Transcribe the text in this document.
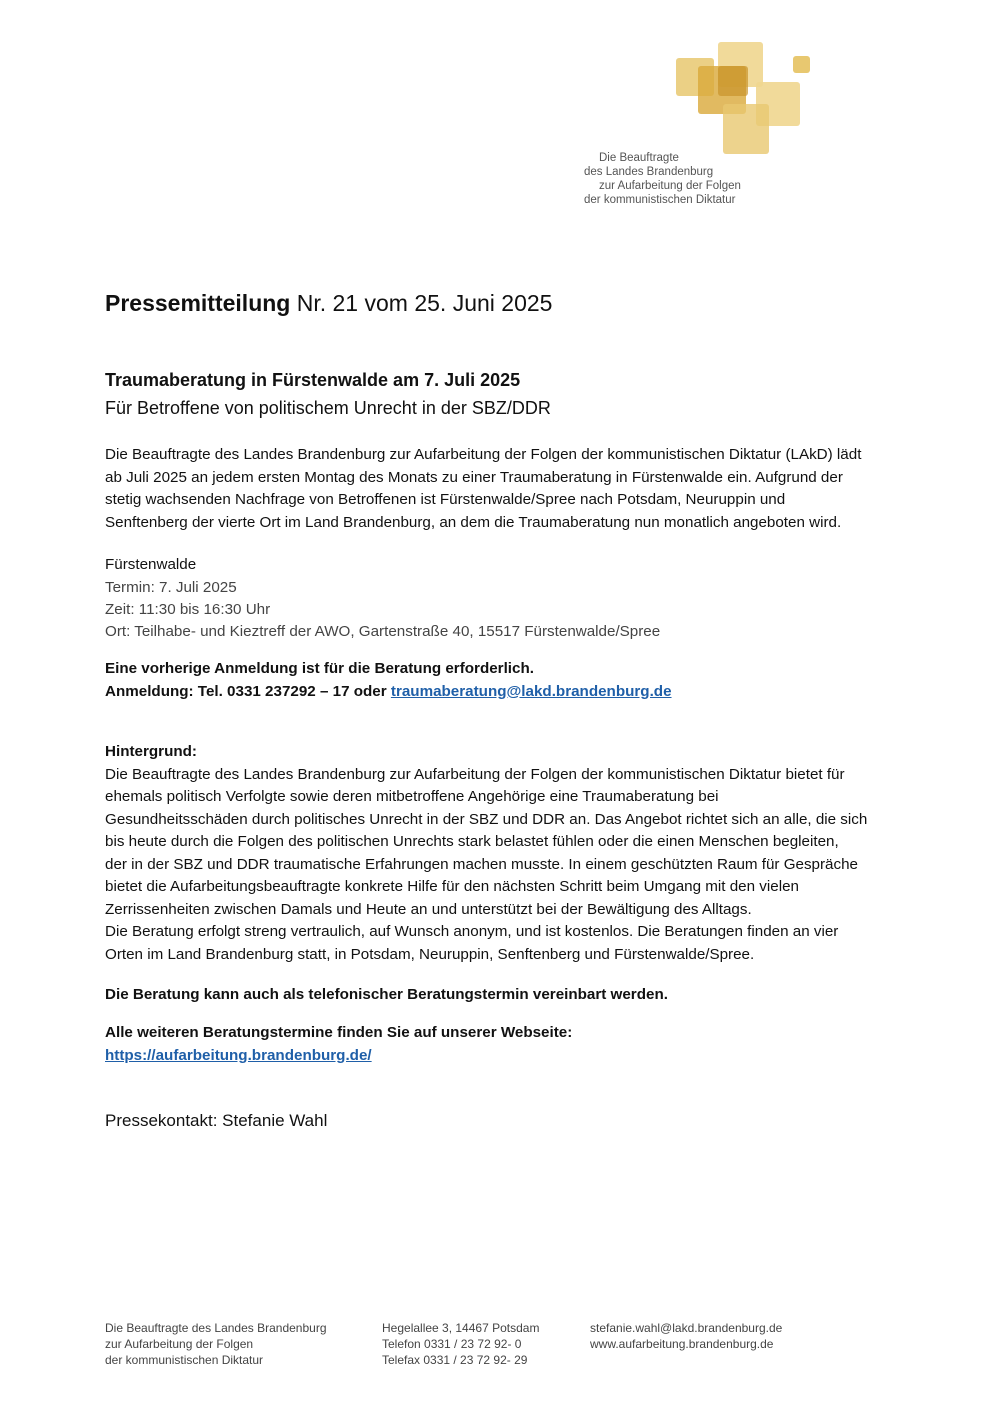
Die Beauftragte
des Landes Brandenburg
zur Aufarbeitung der Folgen
der kommunistischen Diktatur
Pressemitteilung Nr. 21 vom 25. Juni 2025
Traumaberatung in Fürstenwalde am 7. Juli 2025
Für Betroffene von politischem Unrecht in der SBZ/DDR
Die Beauftragte des Landes Brandenburg zur Aufarbeitung der Folgen der kommunistischen Diktatur (LAkD) lädt
ab Juli 2025 an jedem ersten Montag des Monats zu einer Traumaberatung in Fürstenwalde ein. Aufgrund der
stetig wachsenden Nachfrage von Betroffenen ist Fürstenwalde/Spree nach Potsdam, Neuruppin und
Senftenberg der vierte Ort im Land Brandenburg, an dem die Traumaberatung nun monatlich angeboten wird.
Fürstenwalde
Termin: 7. Juli 2025
Zeit: 11:30 bis 16:30 Uhr
Ort: Teilhabe- und Kieztreff der AWO, Gartenstraße 40, 15517 Fürstenwalde/Spree
Eine vorherige Anmeldung ist für die Beratung erforderlich.
Anmeldung: Tel. 0331 237292 – 17 oder traumaberatung@lakd.brandenburg.de
Hintergrund:
Die Beauftragte des Landes Brandenburg zur Aufarbeitung der Folgen der kommunistischen Diktatur bietet für
ehemals politisch Verfolgte sowie deren mitbetroffene Angehörige eine Traumaberatung bei
Gesundheitsschäden durch politisches Unrecht in der SBZ und DDR an. Das Angebot richtet sich an alle, die sich
bis heute durch die Folgen des politischen Unrechts stark belastet fühlen oder die einen Menschen begleiten,
der in der SBZ und DDR traumatische Erfahrungen machen musste. In einem geschützten Raum für Gespräche
bietet die Aufarbeitungsbeauftragte konkrete Hilfe für den nächsten Schritt beim Umgang mit den vielen
Zerrissenheiten zwischen Damals und Heute an und unterstützt bei der Bewältigung des Alltags.
Die Beratung erfolgt streng vertraulich, auf Wunsch anonym, und ist kostenlos. Die Beratungen finden an vier
Orten im Land Brandenburg statt, in Potsdam, Neuruppin, Senftenberg und Fürstenwalde/Spree.
Die Beratung kann auch als telefonischer Beratungstermin vereinbart werden.
Alle weiteren Beratungstermine finden Sie auf unserer Webseite:
https://aufarbeitung.brandenburg.de/
Pressekontakt: Stefanie Wahl
Die Beauftragte des Landes Brandenburg
zur Aufarbeitung der Folgen
der kommunistischen Diktatur
Hegelallee 3, 14467 Potsdam
Telefon 0331 / 23 72 92- 0
Telefax 0331 / 23 72 92- 29
stefanie.wahl@lakd.brandenburg.de
www.aufarbeitung.brandenburg.de
